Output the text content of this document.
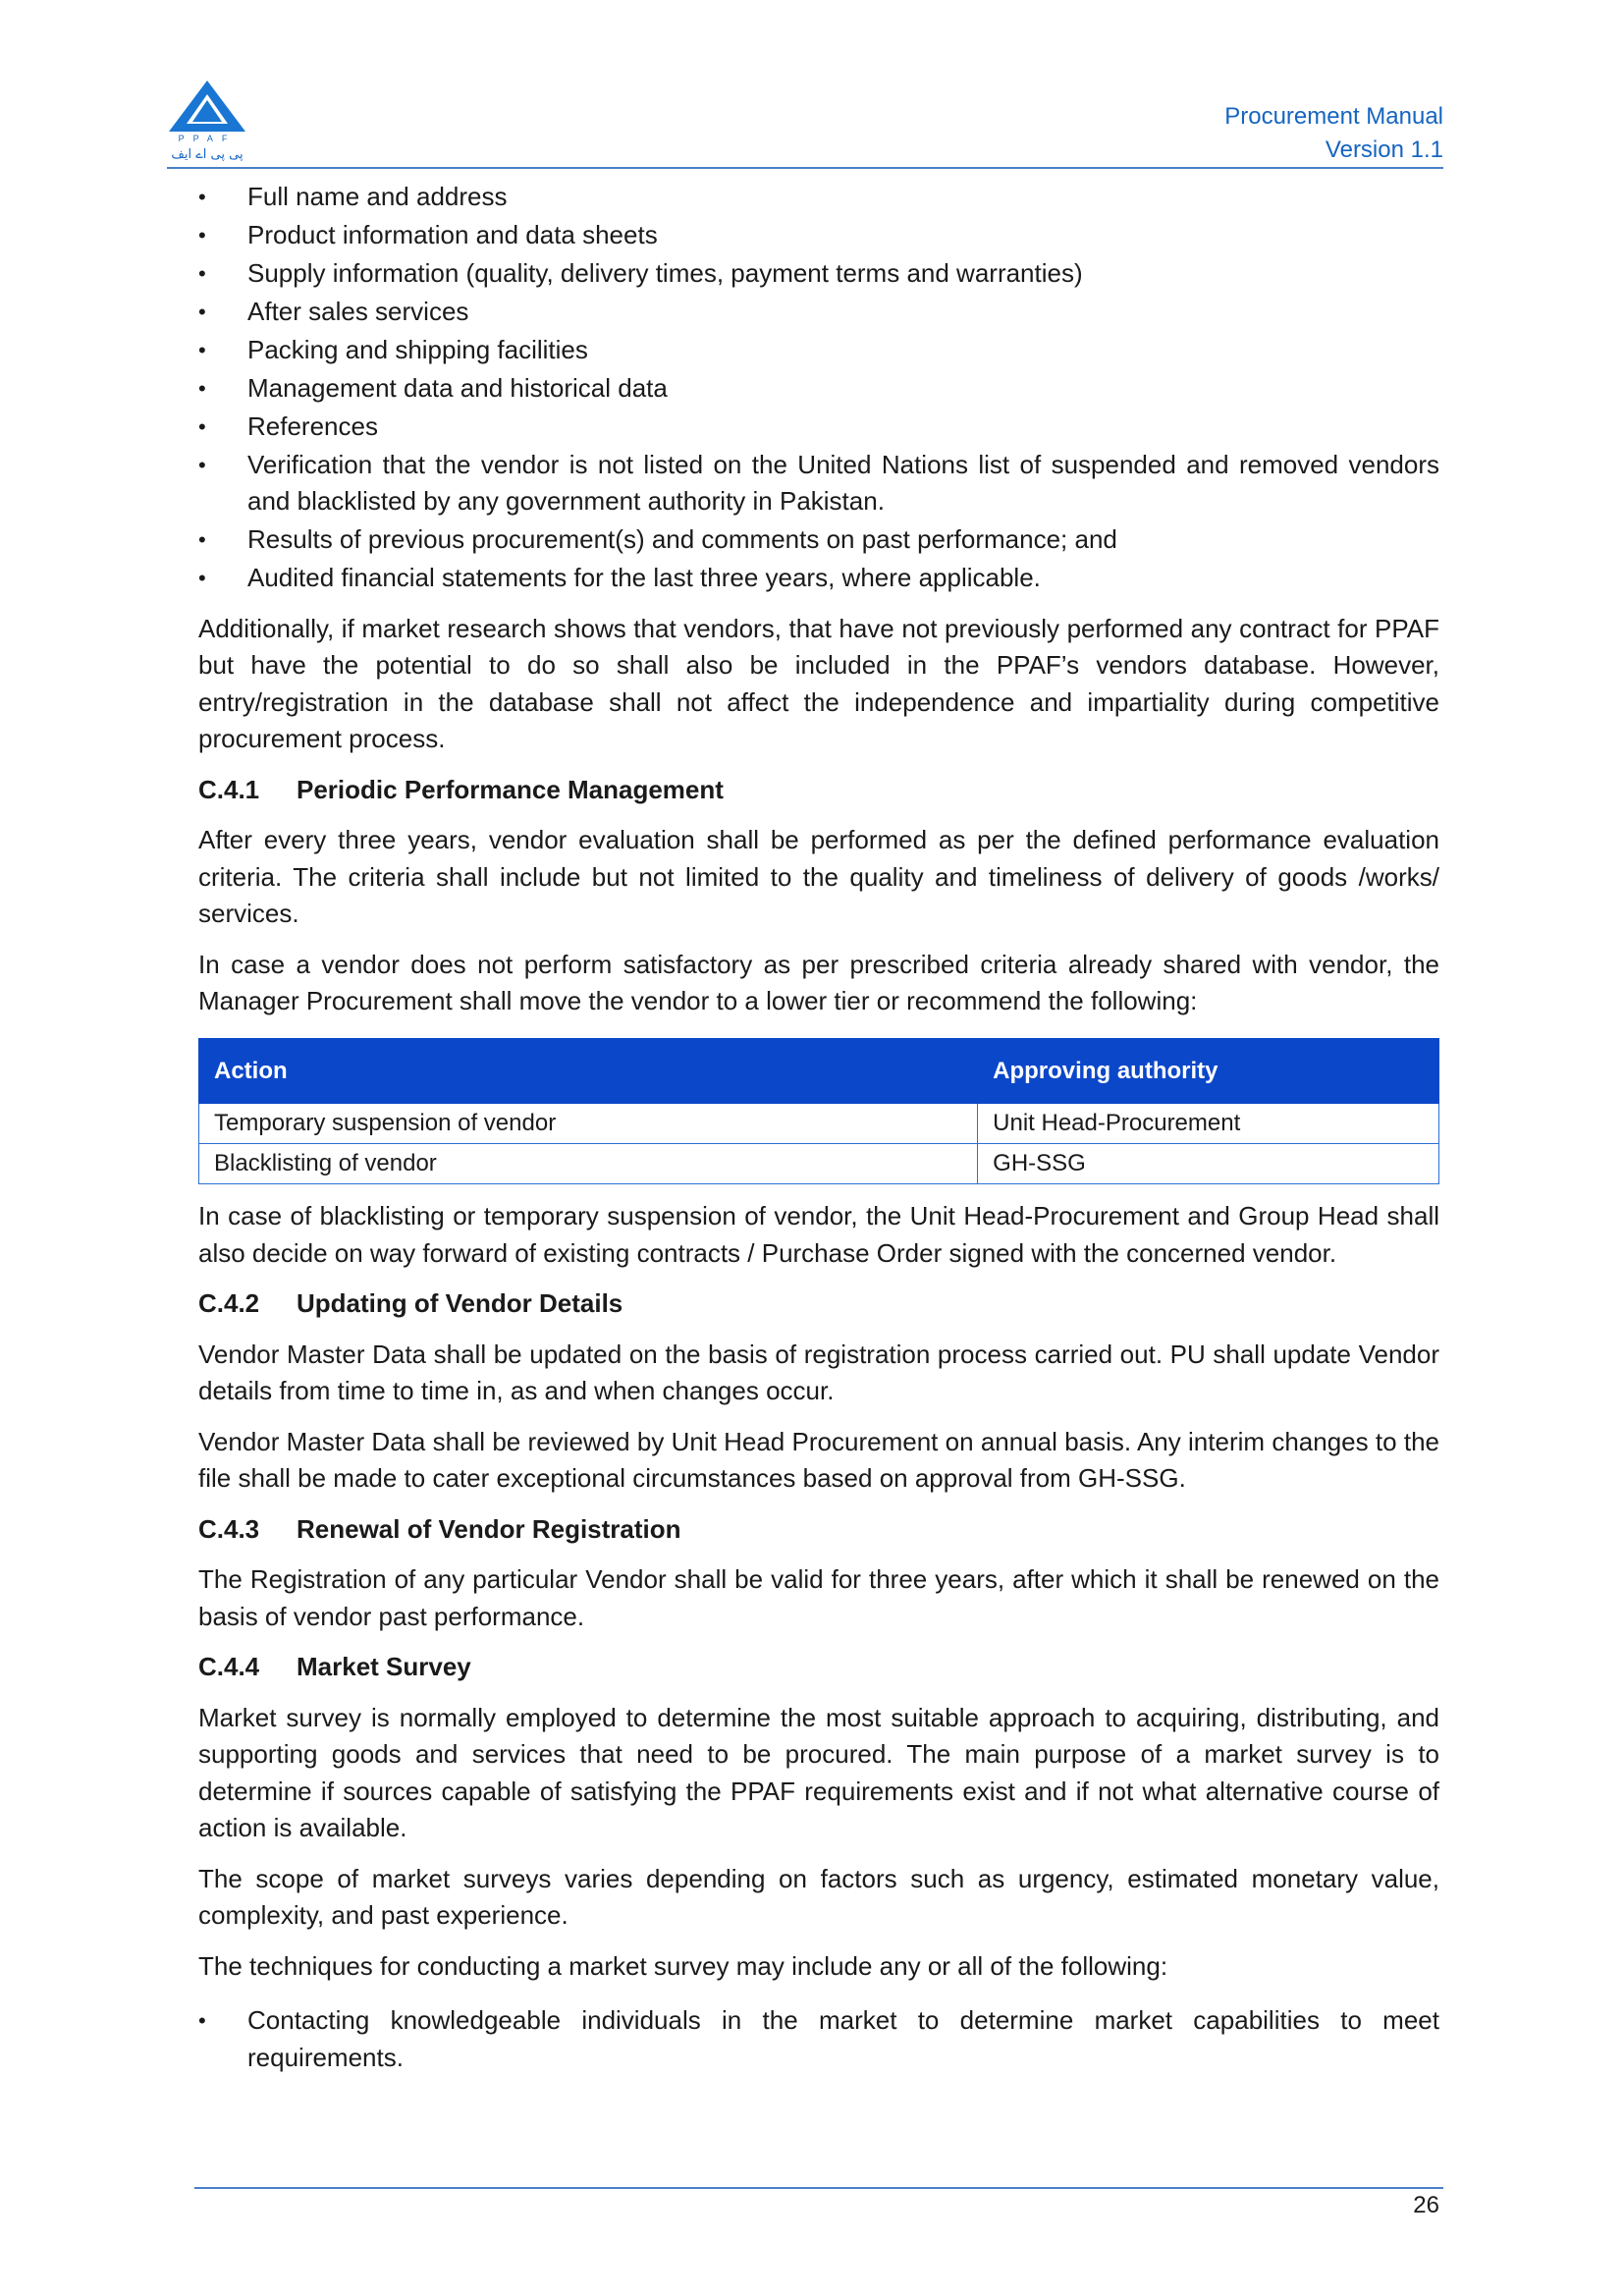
PPAF
پی پی اے ایف
Procurement Manual
Version 1.1
• Full name and address
• Product information and data sheets
• Supply information (quality, delivery times, payment terms and warranties)
• After sales services
• Packing and shipping facilities
• Management data and historical data
• References
• Verification that the vendor is not listed on the United Nations list of suspended and removed vendors and blacklisted by any government authority in Pakistan.
• Results of previous procurement(s) and comments on past performance; and
• Audited financial statements for the last three years, where applicable.

Additionally, if market research shows that vendors, that have not previously performed any contract for PPAF but have the potential to do so shall also be included in the PPAF’s vendors database. However, entry/registration in the database shall not affect the independence and impartiality during competitive procurement process.

C.4.1 Periodic Performance Management

After every three years, vendor evaluation shall be performed as per the defined performance evaluation criteria. The criteria shall include but not limited to the quality and timeliness of delivery of goods /works/ services.

In case a vendor does not perform satisfactory as per prescribed criteria already shared with vendor, the Manager Procurement shall move the vendor to a lower tier or recommend the following:

Action	Approving authority
Temporary suspension of vendor	Unit Head-Procurement
Blacklisting of vendor	GH-SSG

In case of blacklisting or temporary suspension of vendor, the Unit Head-Procurement and Group Head shall also decide on way forward of existing contracts / Purchase Order signed with the concerned vendor.

C.4.2 Updating of Vendor Details

Vendor Master Data shall be updated on the basis of registration process carried out. PU shall update Vendor details from time to time in, as and when changes occur.

Vendor Master Data shall be reviewed by Unit Head Procurement on annual basis. Any interim changes to the file shall be made to cater exceptional circumstances based on approval from GH-SSG.

C.4.3 Renewal of Vendor Registration

The Registration of any particular Vendor shall be valid for three years, after which it shall be renewed on the basis of vendor past performance.

C.4.4 Market Survey

Market survey is normally employed to determine the most suitable approach to acquiring, distributing, and supporting goods and services that need to be procured. The main purpose of a market survey is to determine if sources capable of satisfying the PPAF requirements exist and if not what alternative course of action is available.

The scope of market surveys varies depending on factors such as urgency, estimated monetary value, complexity, and past experience.

The techniques for conducting a market survey may include any or all of the following:

• Contacting knowledgeable individuals in the market to determine market capabilities to meet requirements.
26
